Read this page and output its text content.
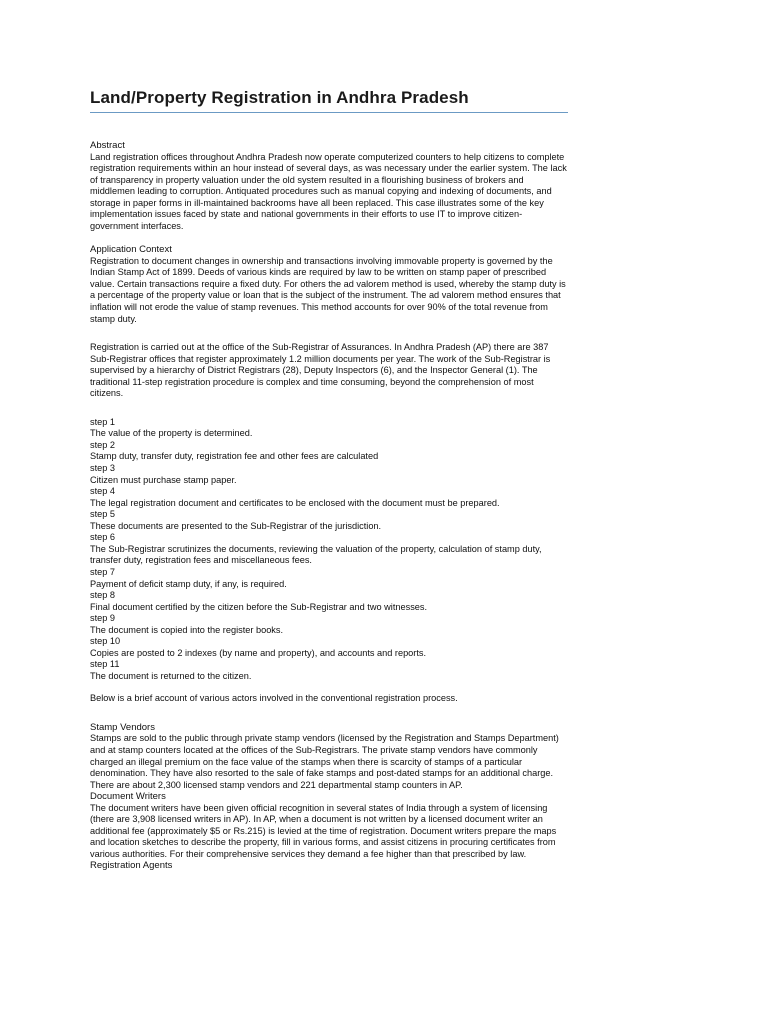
Land/Property Registration in Andhra Pradesh

Abstract

Land registration offices throughout Andhra Pradesh now operate computerized counters to help citizens to complete registration requirements within an hour instead of several days, as was necessary under the earlier system. The lack of transparency in property valuation under the old system resulted in a flourishing business of brokers and middlemen leading to corruption. Antiquated procedures such as manual copying and indexing of documents, and storage in paper forms in ill-maintained backrooms have all been replaced. This case illustrates some of the key implementation issues faced by state and national governments in their efforts to use IT to improve citizen-government interfaces.

Application Context

Registration to document changes in ownership and transactions involving immovable property is governed by the Indian Stamp Act of 1899. Deeds of various kinds are required by law to be written on stamp paper of prescribed value. Certain transactions require a fixed duty. For others the ad valorem method is used, whereby the stamp duty is a percentage of the property value or loan that is the subject of the instrument. The ad valorem method ensures that inflation will not erode the value of stamp revenues. This method accounts for over 90% of the total revenue from stamp duty.

Registration is carried out at the office of the Sub-Registrar of Assurances. In Andhra Pradesh (AP) there are 387 Sub-Registrar offices that register approximately 1.2 million documents per year. The work of the Sub-Registrar is supervised by a hierarchy of District Registrars (28), Deputy Inspectors (6), and the Inspector General (1). The traditional 11-step registration procedure is complex and time consuming, beyond the comprehension of most citizens.

step 1

The value of the property is determined.

step 2

Stamp duty, transfer duty, registration fee and other fees are calculated

step 3

Citizen must purchase stamp paper.

step 4

The legal registration document and certificates to be enclosed with the document must be prepared.

step 5

These documents are presented to the Sub-Registrar of the jurisdiction.

step 6

The Sub-Registrar scrutinizes the documents, reviewing the valuation of the property, calculation of stamp duty, transfer duty, registration fees and miscellaneous fees.

step 7

Payment of deficit stamp duty, if any, is required.

step 8

Final document certified by the citizen before the Sub-Registrar and two witnesses.

step 9

The document is copied into the register books.

step 10

Copies are posted to 2 indexes (by name and property), and accounts and reports.

step 11

The document is returned to the citizen.

Below is a brief account of various actors involved in the conventional registration process.

Stamp Vendors

Stamps are sold to the public through private stamp vendors (licensed by the Registration and Stamps Department) and at stamp counters located at the offices of the Sub-Registrars. The private stamp vendors have commonly charged an illegal premium on the face value of the stamps when there is scarcity of stamps of a particular denomination. They have also resorted to the sale of fake stamps and post-dated stamps for an additional charge. There are about 2,300 licensed stamp vendors and 221 departmental stamp counters in AP.

Document Writers

The document writers have been given official recognition in several states of India through a system of licensing (there are 3,908 licensed writers in AP). In AP, when a document is not written by a licensed document writer an additional fee (approximately $5 or Rs.215) is levied at the time of registration. Document writers prepare the maps and location sketches to describe the property, fill in various forms, and assist citizens in procuring certificates from various authorities. For their comprehensive services they demand a fee higher than that prescribed by law.

Registration Agents
